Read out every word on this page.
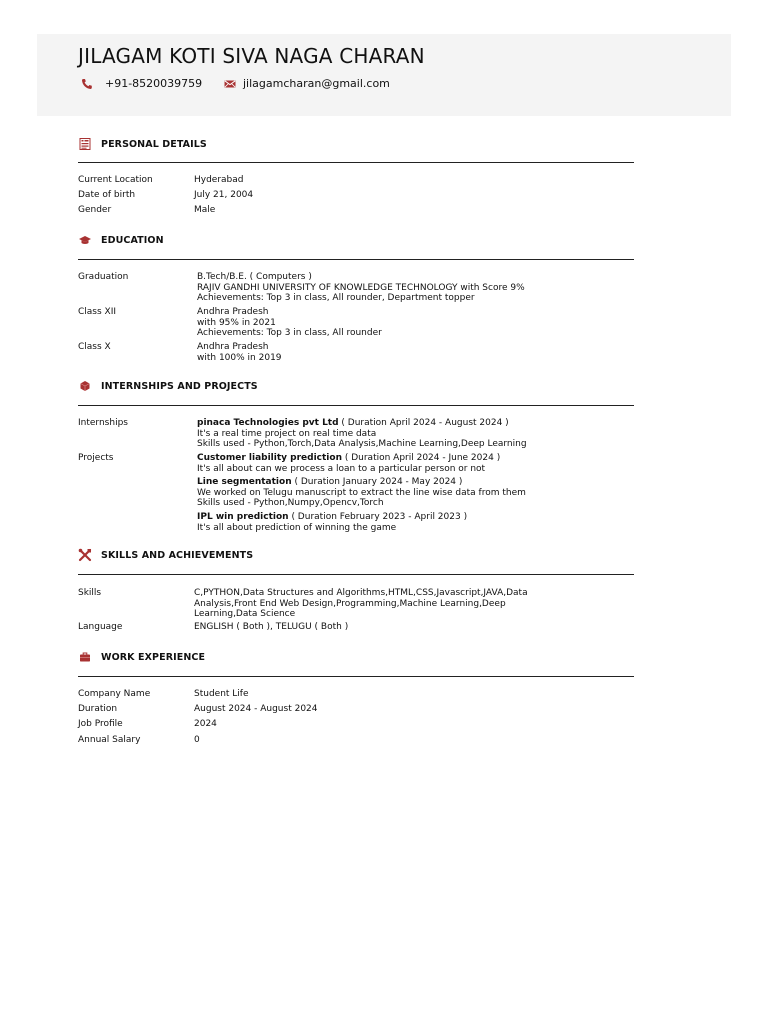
JILAGAM KOTI SIVA NAGA CHARAN
+91-8520039759	jilagamcharan@gmail.com
PERSONAL DETAILS
Current Location	Hyderabad
Date of birth	July 21, 2004
Gender	Male
EDUCATION
Graduation	B.Tech/B.E. ( Computers )
RAJIV GANDHI UNIVERSITY OF KNOWLEDGE TECHNOLOGY with Score 9%
Achievements: Top 3 in class, All rounder, Department topper
Class XII	Andhra Pradesh
with 95% in 2021
Achievements: Top 3 in class, All rounder
Class X	Andhra Pradesh
with 100% in 2019
INTERNSHIPS AND PROJECTS
Internships	pinaca Technologies pvt Ltd ( Duration April 2024 - August 2024 )
It's a real time project on real time data
Skills used - Python,Torch,Data Analysis,Machine Learning,Deep Learning
Projects	Customer liability prediction ( Duration April 2024 - June 2024 )
It's all about can we process a loan to a particular person or not
Line segmentation ( Duration January 2024 - May 2024 )
We worked on Telugu manuscript to extract the line wise data from them
Skills used - Python,Numpy,Opencv,Torch
IPL win prediction ( Duration February 2023 - April 2023 )
It's all about prediction of winning the game
SKILLS AND ACHIEVEMENTS
Skills	C,PYTHON,Data Structures and Algorithms,HTML,CSS,Javascript,JAVA,Data Analysis,Front End Web Design,Programming,Machine Learning,Deep Learning,Data Science
Language	ENGLISH ( Both ), TELUGU ( Both )
WORK EXPERIENCE
Company Name	Student Life
Duration	August 2024 - August 2024
Job Profile	2024
Annual Salary	0
